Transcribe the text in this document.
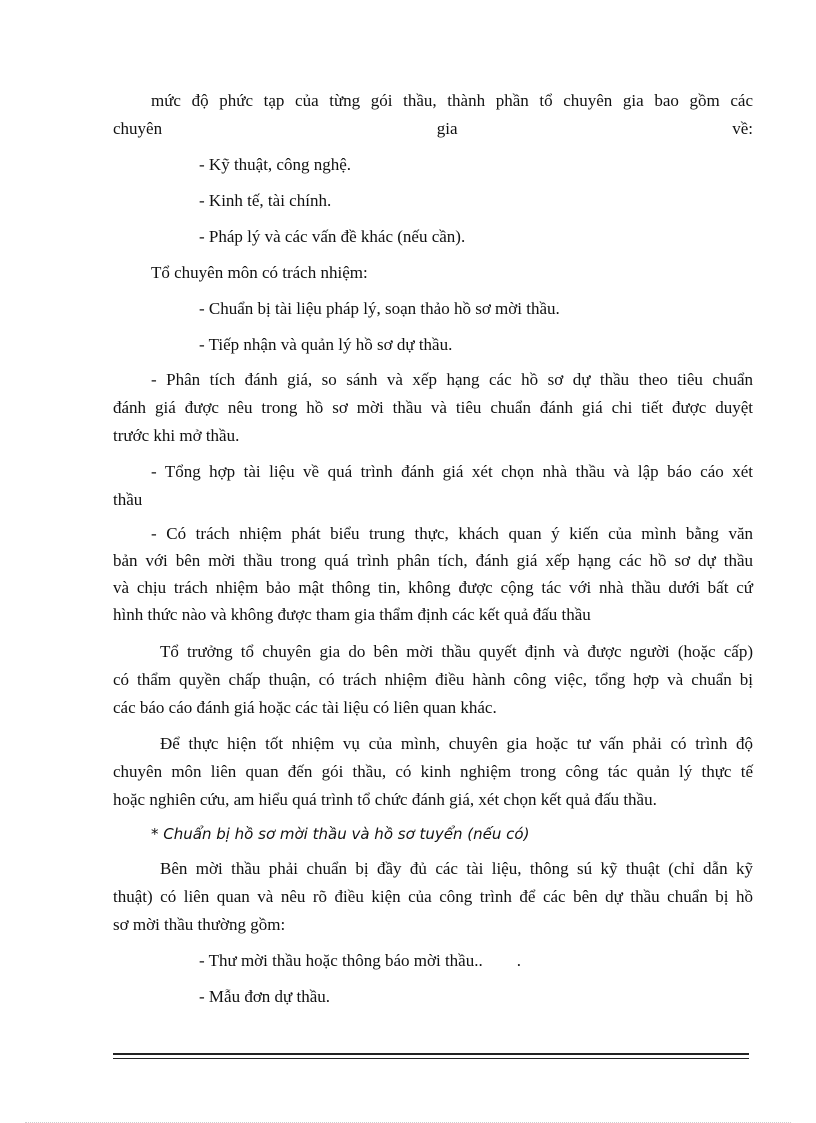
mức độ phức tạp của từng gói thầu, thành phần tổ chuyên gia bao gồm các
chuyên gia về:
- Kỹ thuật, công nghệ.
- Kinh tế, tài chính.
- Pháp lý và các vấn đề khác (nếu cần).
Tổ chuyên môn có trách nhiệm:
- Chuẩn bị tài liệu pháp lý, soạn thảo hồ sơ mời thầu.
- Tiếp nhận và quản lý hồ sơ dự thầu.
- Phân tích đánh giá, so sánh và xếp hạng các hồ sơ dự thầu theo tiêu chuẩn
đánh giá được nêu trong hồ sơ mời thầu và tiêu chuẩn đánh giá chi tiết được duyệt
trước khi mở thầu.
- Tổng hợp tài liệu về quá trình đánh giá xét chọn nhà thầu và lập báo cáo xét
thầu
- Có trách nhiệm phát biểu trung thực, khách quan ý kiến của mình bằng văn
bản với bên mời thầu trong quá trình phân tích, đánh giá xếp hạng các hồ sơ dự thầu
và chịu trách nhiệm bảo mật thông tin, không được cộng tác với nhà thầu dưới bất cứ
hình thức nào và không được tham gia thẩm định các kết quả đấu thầu
Tổ trưởng tổ chuyên gia do bên mời thầu quyết định và được người (hoặc cấp)
có thẩm quyền chấp thuận, có trách nhiệm điều hành công việc, tổng hợp và chuẩn bị
các báo cáo đánh giá hoặc các tài liệu có liên quan khác.
Để thực hiện tốt nhiệm vụ của mình, chuyên gia hoặc tư vấn phải có trình độ
chuyên môn liên quan đến gói thầu, có kinh nghiệm trong công tác quản lý thực tế
hoặc nghiên cứu, am hiểu quá trình tổ chức đánh giá, xét chọn kết quả đấu thầu.
* Chuẩn bị hồ sơ mời thầu và hồ sơ tuyển (nếu có)
Bên mời thầu phải chuẩn bị đầy đủ các tài liệu, thông sú kỹ thuật (chỉ dẫn kỹ
thuật) có liên quan và nêu rõ điều kiện của công trình để các bên dự thầu chuẩn bị hồ
sơ mời thầu thường gồm:
- Thư mời thầu hoặc thông báo mời thầu..        .
- Mẫu đơn dự thầu.
